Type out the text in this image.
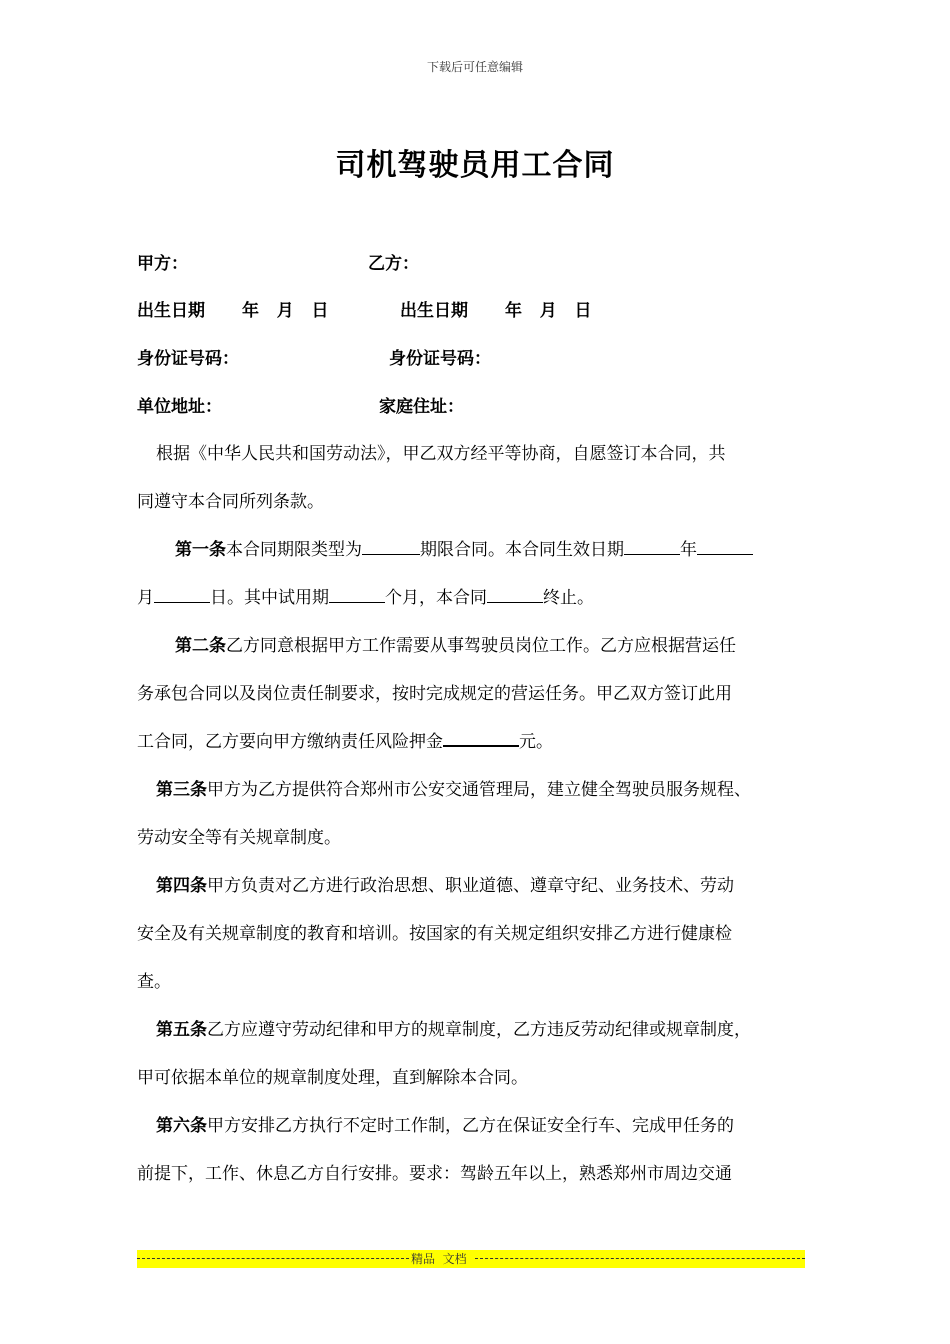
下载后可任意编辑
司机驾驶员用工合同
甲方：	乙方：
出生日期 年   月   日	出生日期 年   月   日
身份证号码：	身份证号码：
单位地址：	家庭住址：
根据《中华人民共和国劳动法》，甲乙双方经平等协商，自愿签订本合同，共
同遵守本合同所列条款。
第一条本合同期限类型为	期限合同。本合同生效日期	年
月	日。其中试用期	个月，本合同	终止。
第二条乙方同意根据甲方工作需要从事驾驶员岗位工作。乙方应根据营运任
务承包合同以及岗位责任制要求，按时完成规定的营运任务。甲乙双方签订此用
工合同，乙方要向甲方缴纳责任风险押金	元。
第三条甲方为乙方提供符合郑州市公安交通管理局，建立健全驾驶员服务规程、
劳动安全等有关规章制度。
第四条甲方负责对乙方进行政治思想、职业道德、遵章守纪、业务技术、劳动
安全及有关规章制度的教育和培训。按国家的有关规定组织安排乙方进行健康检
查。
第五条乙方应遵守劳动纪律和甲方的规章制度，乙方违反劳动纪律或规章制度，
甲可依据本单位的规章制度处理，直到解除本合同。
第六条甲方安排乙方执行不定时工作制，乙方在保证安全行车、完成甲任务的
前提下，工作、休息乙方自行安排。要求：驾龄五年以上，熟悉郑州市周边交通
精品  文档
